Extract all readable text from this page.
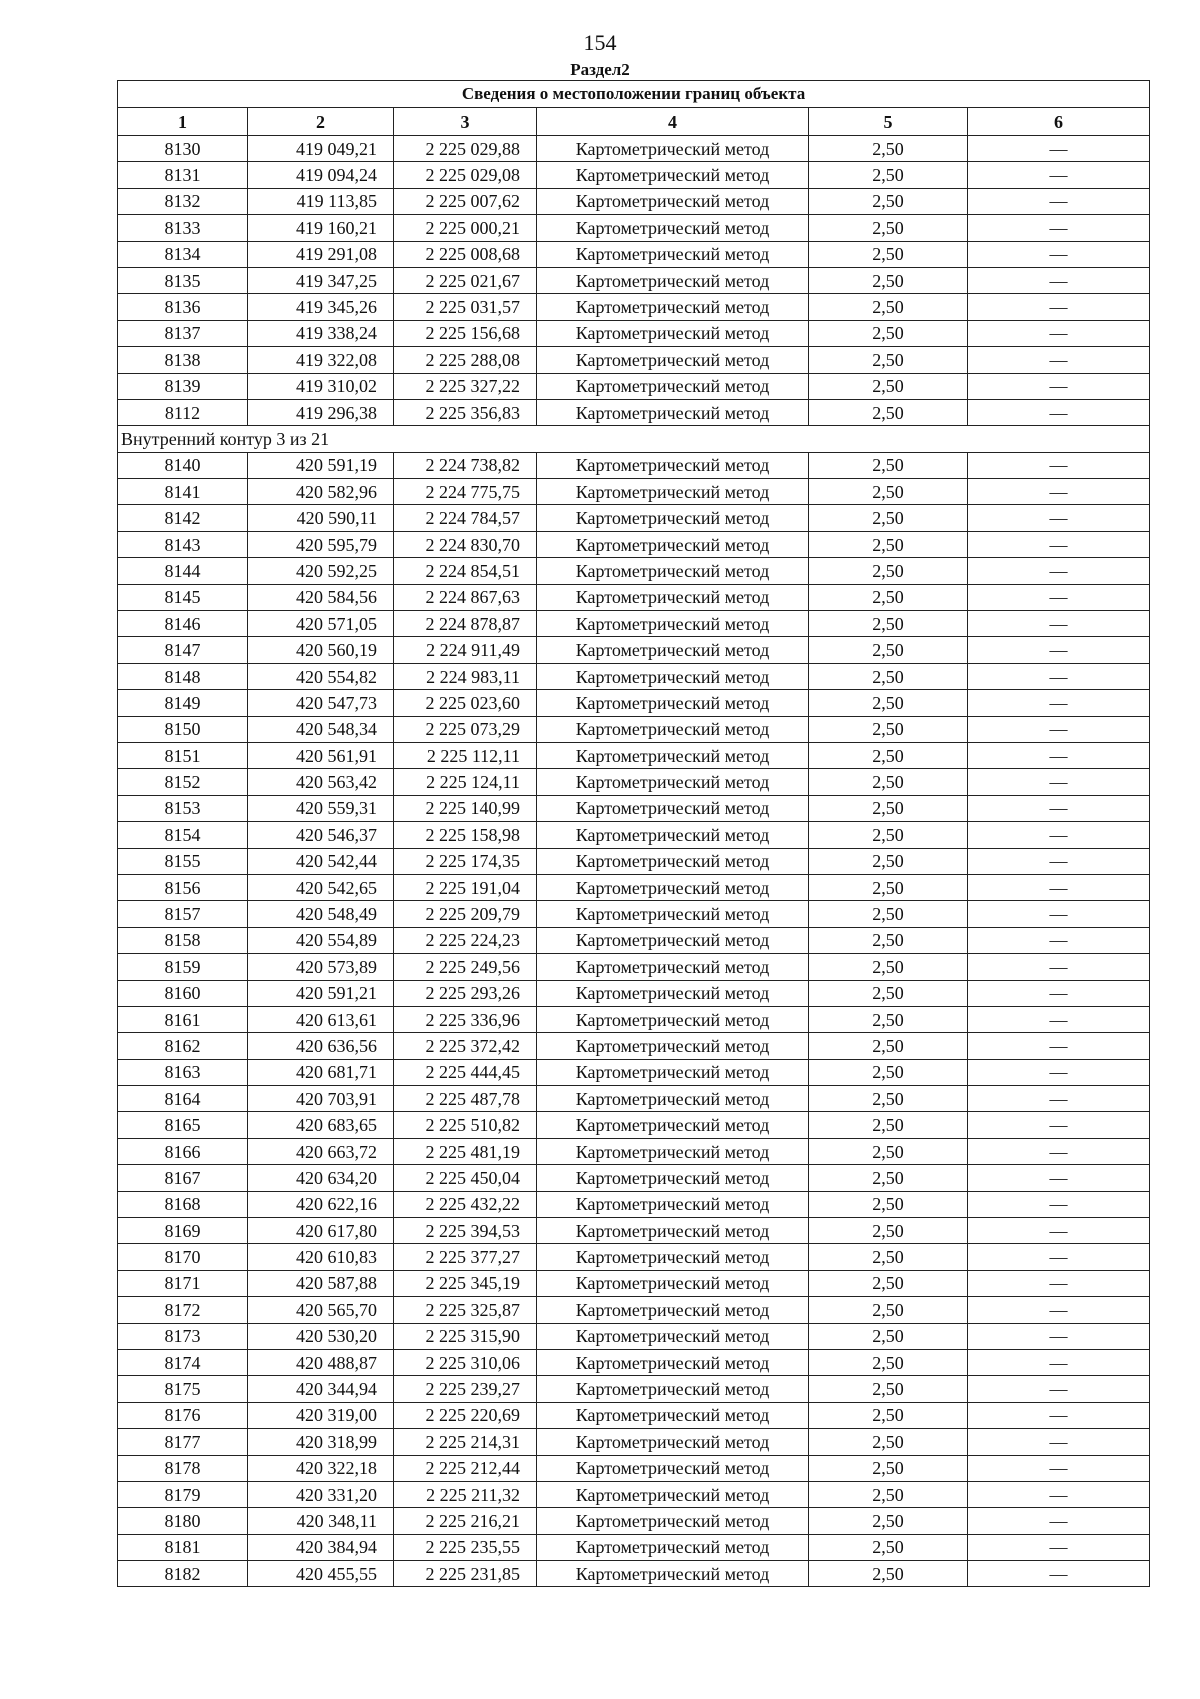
154
Раздел2
Сведения о местоположении границ объекта					
1	2	3	4	5	6
8130	419 049,21	2 225 029,88	Картометрический метод	2,50	—
8131	419 094,24	2 225 029,08	Картометрический метод	2,50	—
8132	419 113,85	2 225 007,62	Картометрический метод	2,50	—
8133	419 160,21	2 225 000,21	Картометрический метод	2,50	—
8134	419 291,08	2 225 008,68	Картометрический метод	2,50	—
8135	419 347,25	2 225 021,67	Картометрический метод	2,50	—
8136	419 345,26	2 225 031,57	Картометрический метод	2,50	—
8137	419 338,24	2 225 156,68	Картометрический метод	2,50	—
8138	419 322,08	2 225 288,08	Картометрический метод	2,50	—
8139	419 310,02	2 225 327,22	Картометрический метод	2,50	—
8112	419 296,38	2 225 356,83	Картометрический метод	2,50	—
Внутренний контур 3 из 21					
8140	420 591,19	2 224 738,82	Картометрический метод	2,50	—
8141	420 582,96	2 224 775,75	Картометрический метод	2,50	—
8142	420 590,11	2 224 784,57	Картометрический метод	2,50	—
8143	420 595,79	2 224 830,70	Картометрический метод	2,50	—
8144	420 592,25	2 224 854,51	Картометрический метод	2,50	—
8145	420 584,56	2 224 867,63	Картометрический метод	2,50	—
8146	420 571,05	2 224 878,87	Картометрический метод	2,50	—
8147	420 560,19	2 224 911,49	Картометрический метод	2,50	—
8148	420 554,82	2 224 983,11	Картометрический метод	2,50	—
8149	420 547,73	2 225 023,60	Картометрический метод	2,50	—
8150	420 548,34	2 225 073,29	Картометрический метод	2,50	—
8151	420 561,91	2 225 112,11	Картометрический метод	2,50	—
8152	420 563,42	2 225 124,11	Картометрический метод	2,50	—
8153	420 559,31	2 225 140,99	Картометрический метод	2,50	—
8154	420 546,37	2 225 158,98	Картометрический метод	2,50	—
8155	420 542,44	2 225 174,35	Картометрический метод	2,50	—
8156	420 542,65	2 225 191,04	Картометрический метод	2,50	—
8157	420 548,49	2 225 209,79	Картометрический метод	2,50	—
8158	420 554,89	2 225 224,23	Картометрический метод	2,50	—
8159	420 573,89	2 225 249,56	Картометрический метод	2,50	—
8160	420 591,21	2 225 293,26	Картометрический метод	2,50	—
8161	420 613,61	2 225 336,96	Картометрический метод	2,50	—
8162	420 636,56	2 225 372,42	Картометрический метод	2,50	—
8163	420 681,71	2 225 444,45	Картометрический метод	2,50	—
8164	420 703,91	2 225 487,78	Картометрический метод	2,50	—
8165	420 683,65	2 225 510,82	Картометрический метод	2,50	—
8166	420 663,72	2 225 481,19	Картометрический метод	2,50	—
8167	420 634,20	2 225 450,04	Картометрический метод	2,50	—
8168	420 622,16	2 225 432,22	Картометрический метод	2,50	—
8169	420 617,80	2 225 394,53	Картометрический метод	2,50	—
8170	420 610,83	2 225 377,27	Картометрический метод	2,50	—
8171	420 587,88	2 225 345,19	Картометрический метод	2,50	—
8172	420 565,70	2 225 325,87	Картометрический метод	2,50	—
8173	420 530,20	2 225 315,90	Картометрический метод	2,50	—
8174	420 488,87	2 225 310,06	Картометрический метод	2,50	—
8175	420 344,94	2 225 239,27	Картометрический метод	2,50	—
8176	420 319,00	2 225 220,69	Картометрический метод	2,50	—
8177	420 318,99	2 225 214,31	Картометрический метод	2,50	—
8178	420 322,18	2 225 212,44	Картометрический метод	2,50	—
8179	420 331,20	2 225 211,32	Картометрический метод	2,50	—
8180	420 348,11	2 225 216,21	Картометрический метод	2,50	—
8181	420 384,94	2 225 235,55	Картометрический метод	2,50	—
8182	420 455,55	2 225 231,85	Картометрический метод	2,50	—
